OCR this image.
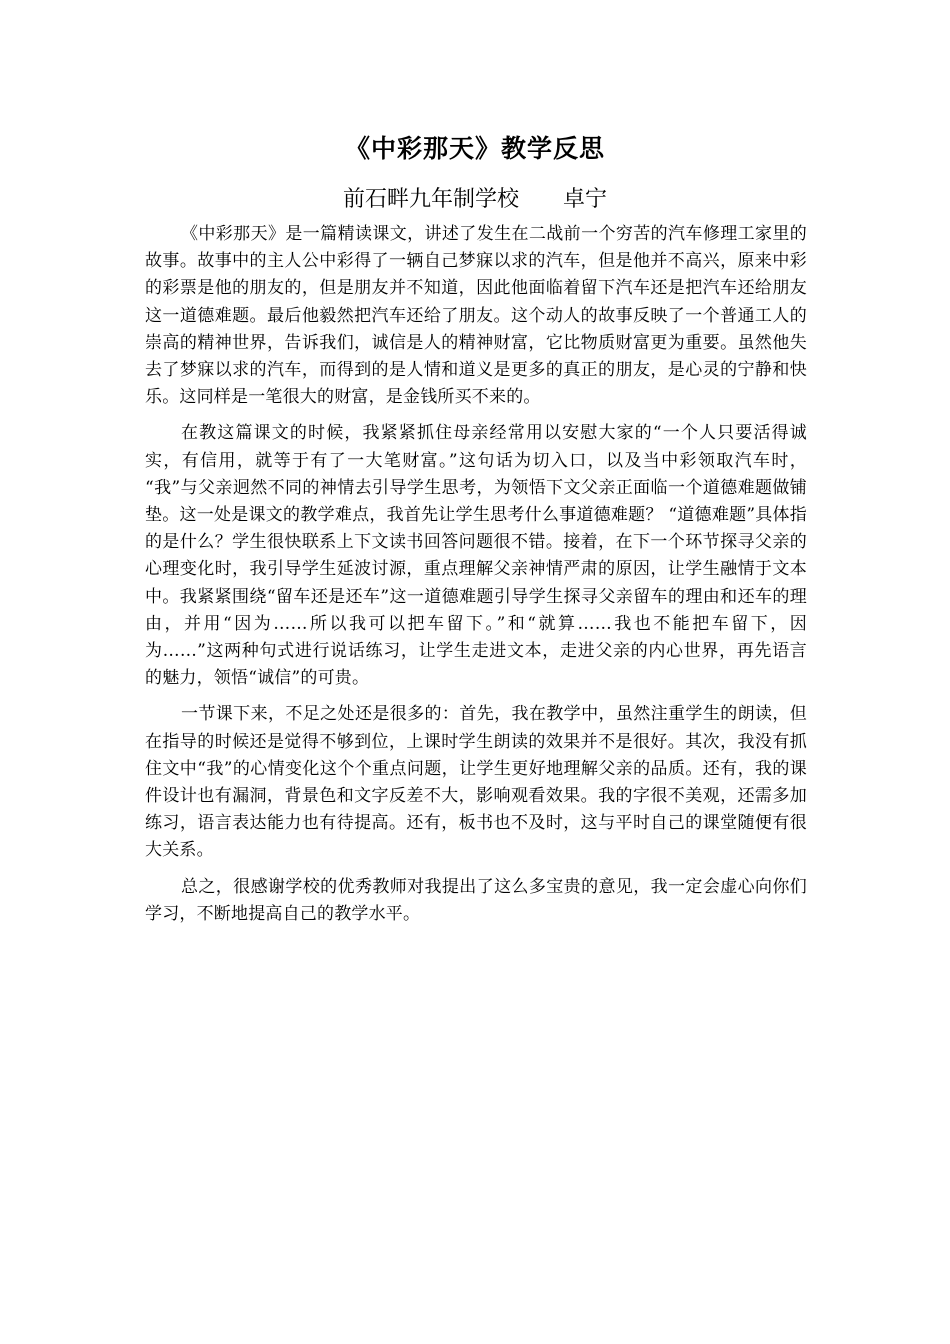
《中彩那天》教学反思
前石畔九年制学校 卓宁

《中彩那天》是一篇精读课文，讲述了发生在二战前一个穷苦的汽车修理工家里的故事。故事中的主人公中彩得了一辆自己梦寐以求的汽车，但是他并不高兴，原来中彩的彩票是他的朋友的，但是朋友并不知道，因此他面临着留下汽车还是把汽车还给朋友这一道德难题。最后他毅然把汽车还给了朋友。这个动人的故事反映了一个普通工人的崇高的精神世界，告诉我们，诚信是人的精神财富，它比物质财富更为重要。虽然他失去了梦寐以求的汽车，而得到的是人情和道义是更多的真正的朋友，是心灵的宁静和快乐。这同样是一笔很大的财富，是金钱所买不来的。

在教这篇课文的时候，我紧紧抓住母亲经常用以安慰大家的“一个人只要活得诚实，有信用，就等于有了一大笔财富。”这句话为切入口，以及当中彩领取汽车时， “我”与父亲迥然不同的神情去引导学生思考，为领悟下文父亲正面临一个道德难题做铺垫。这一处是课文的教学难点，我首先让学生思考什么事道德难题？ “道德难题”具体指的是什么？学生很快联系上下文读书回答问题很不错。接着，在下一个环节探寻父亲的心理变化时，我引导学生延波讨源，重点理解父亲神情严肃的原因，让学生融情于文本中。我紧紧围绕“留车还是还车”这一道德难题引导学生探寻父亲留车的理由和还车的理由，并用“因为……所以我可以把车留下。”和“就算……我也不能把车留下，因为……”这两种句式进行说话练习，让学生走进文本，走进父亲的内心世界，再先语言的魅力，领悟“诚信”的可贵。

一节课下来，不足之处还是很多的：首先，我在教学中，虽然注重学生的朗读，但在指导的时候还是觉得不够到位，上课时学生朗读的效果并不是很好。其次，我没有抓住文中“我”的心情变化这个个重点问题，让学生更好地理解父亲的品质。还有，我的课件设计也有漏洞，背景色和文字反差不大，影响观看效果。我的字很不美观，还需多加练习，语言表达能力也有待提高。还有，板书也不及时，这与平时自己的课堂随便有很大关系。

总之，很感谢学校的优秀教师对我提出了这么多宝贵的意见，我一定会虚心向你们学习，不断地提高自己的教学水平。
